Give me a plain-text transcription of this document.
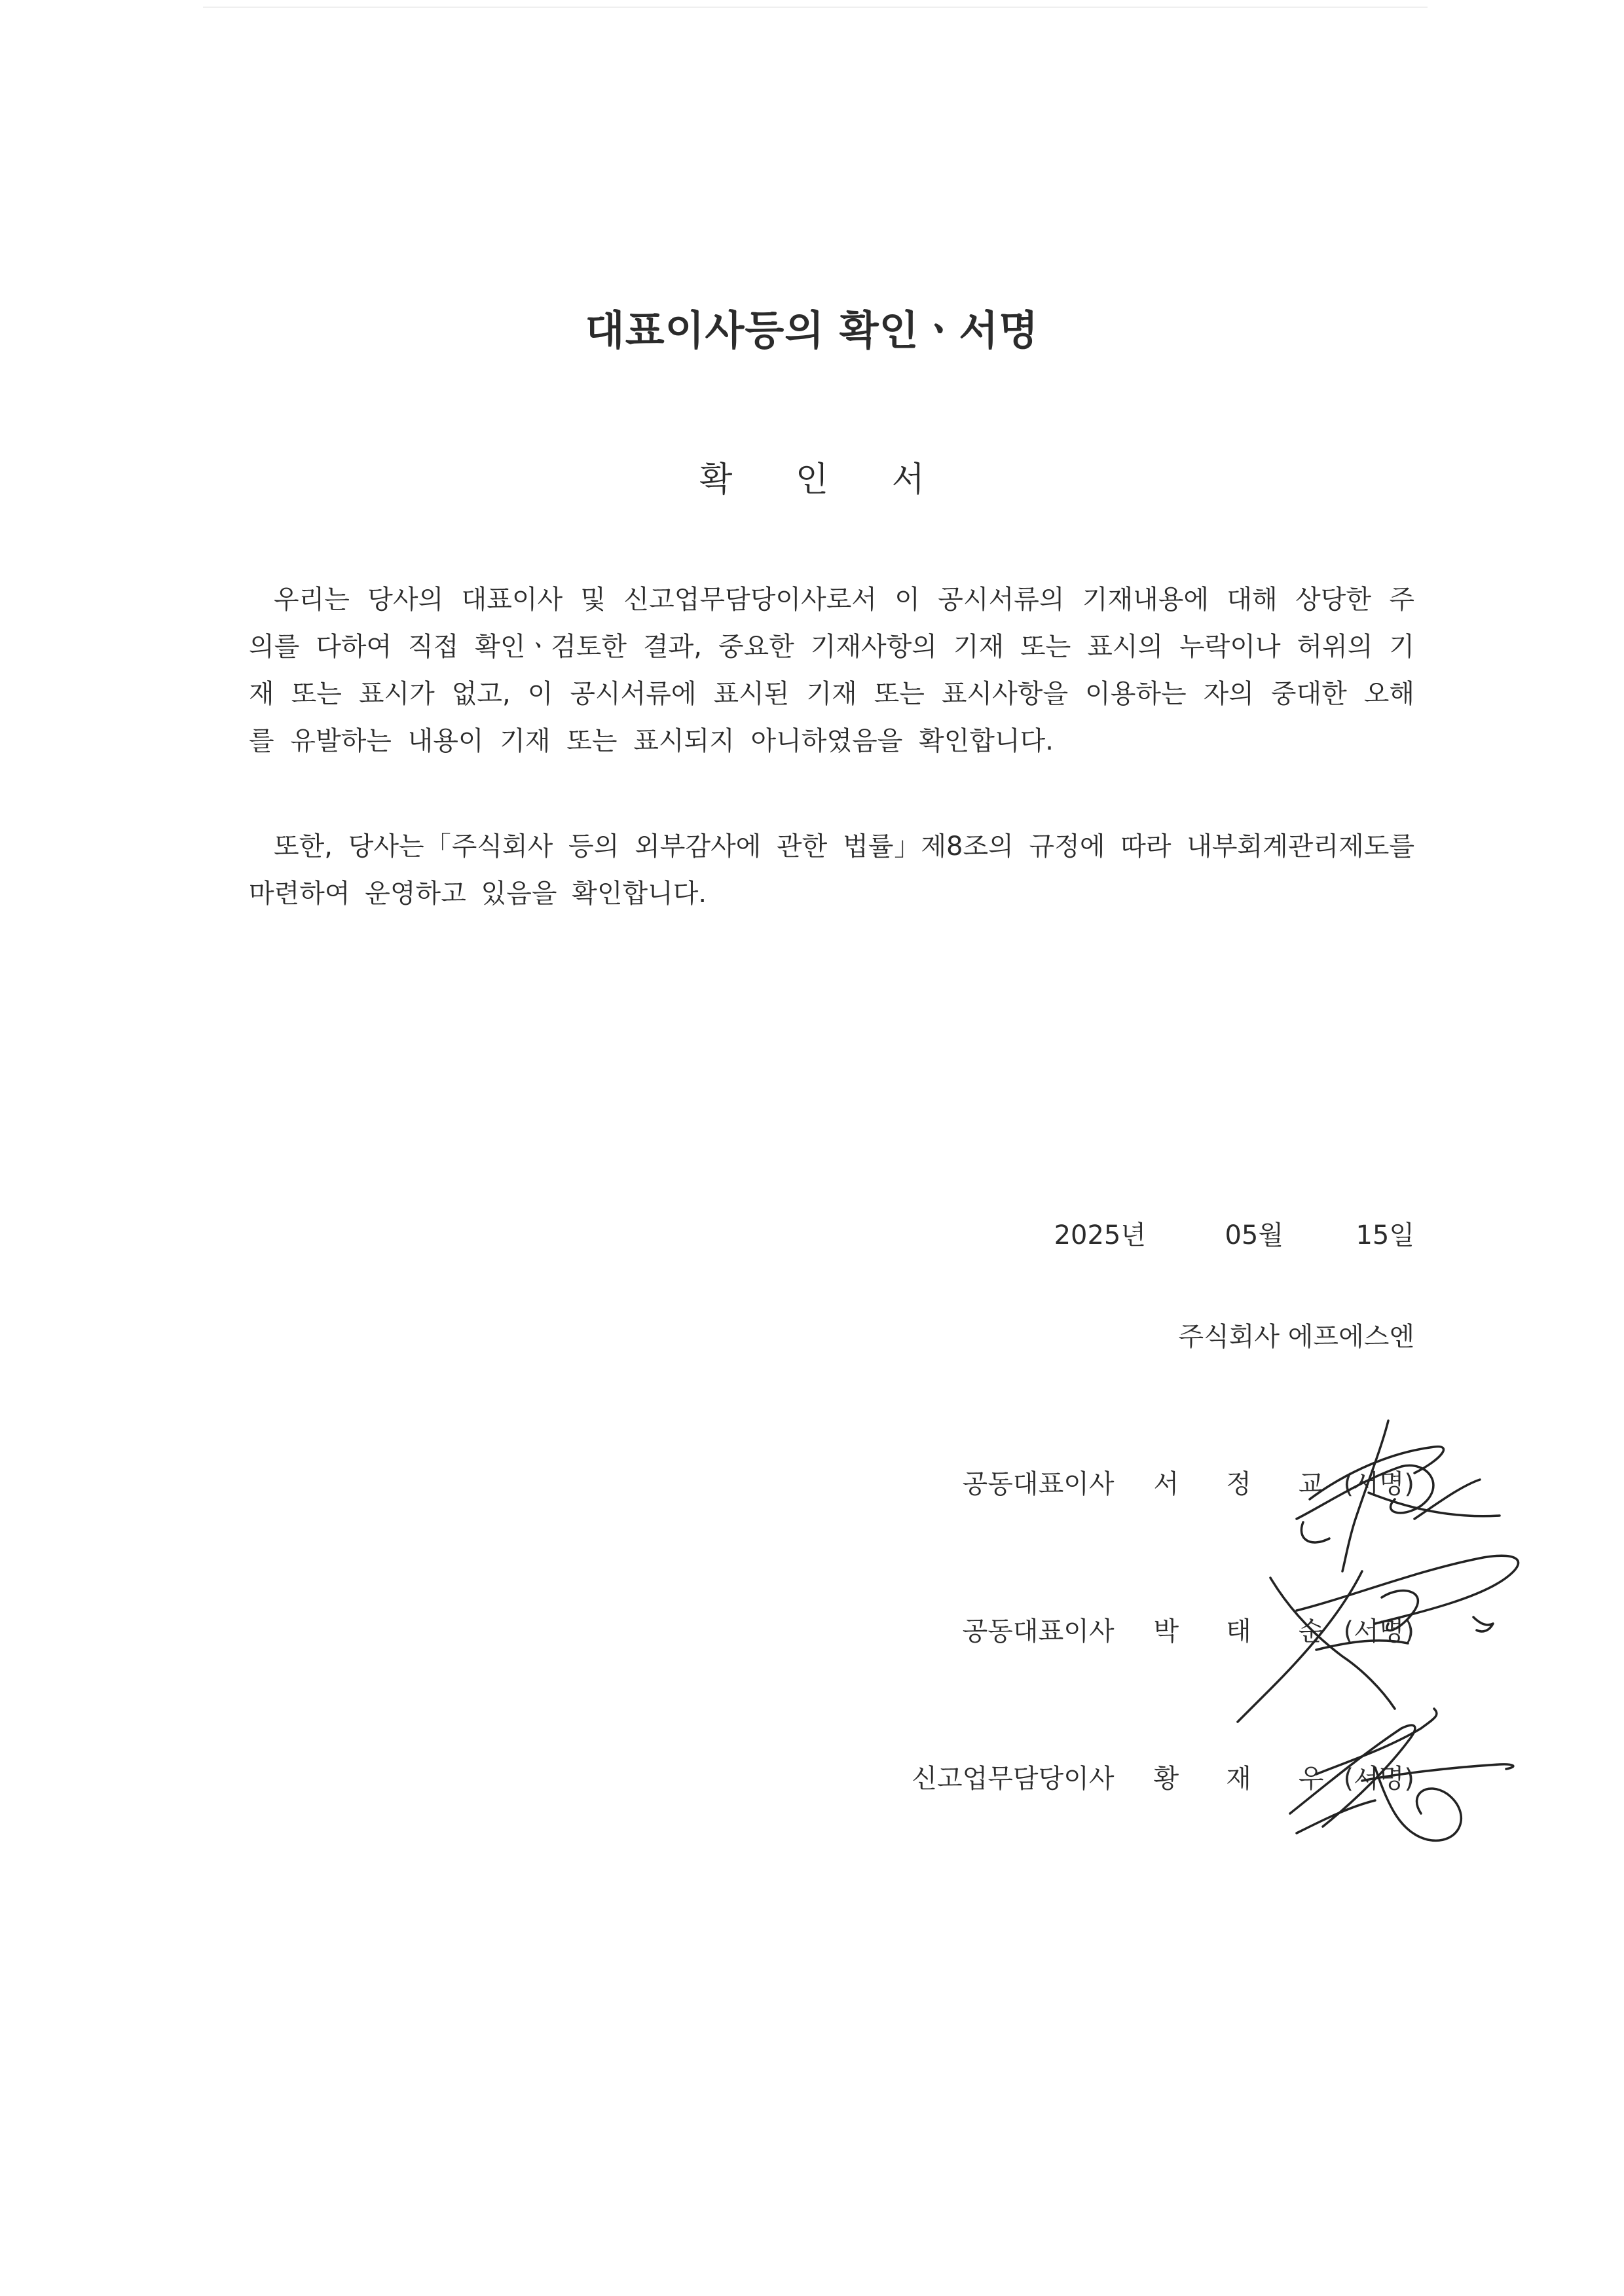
대표이사등의 확인ㆍ서명
확 인 서

우리는 당사의 대표이사 및 신고업무담당이사로서 이 공시서류의 기재내용에 대해 상당한 주의를 다하여 직접 확인ㆍ검토한 결과, 중요한 기재사항의 기재 또는 표시의 누락이나 허위의 기재 또는 표시가 없고, 이 공시서류에 표시된 기재 또는 표시사항을 이용하는 자의 중대한 오해를 유발하는 내용이 기재 또는 표시되지 아니하였음을 확인합니다.

또한, 당사는「주식회사 등의 외부감사에 관한 법률」제8조의 규정에 따라 내부회계관리제도를 마련하여 운영하고 있음을 확인합니다.

2025년	05월	15일
주식회사 에프에스엔
공동대표이사 서 정 교 (서명)
공동대표이사 박 태 순 (서명)
신고업무담당이사 황 재 우 (서명)
